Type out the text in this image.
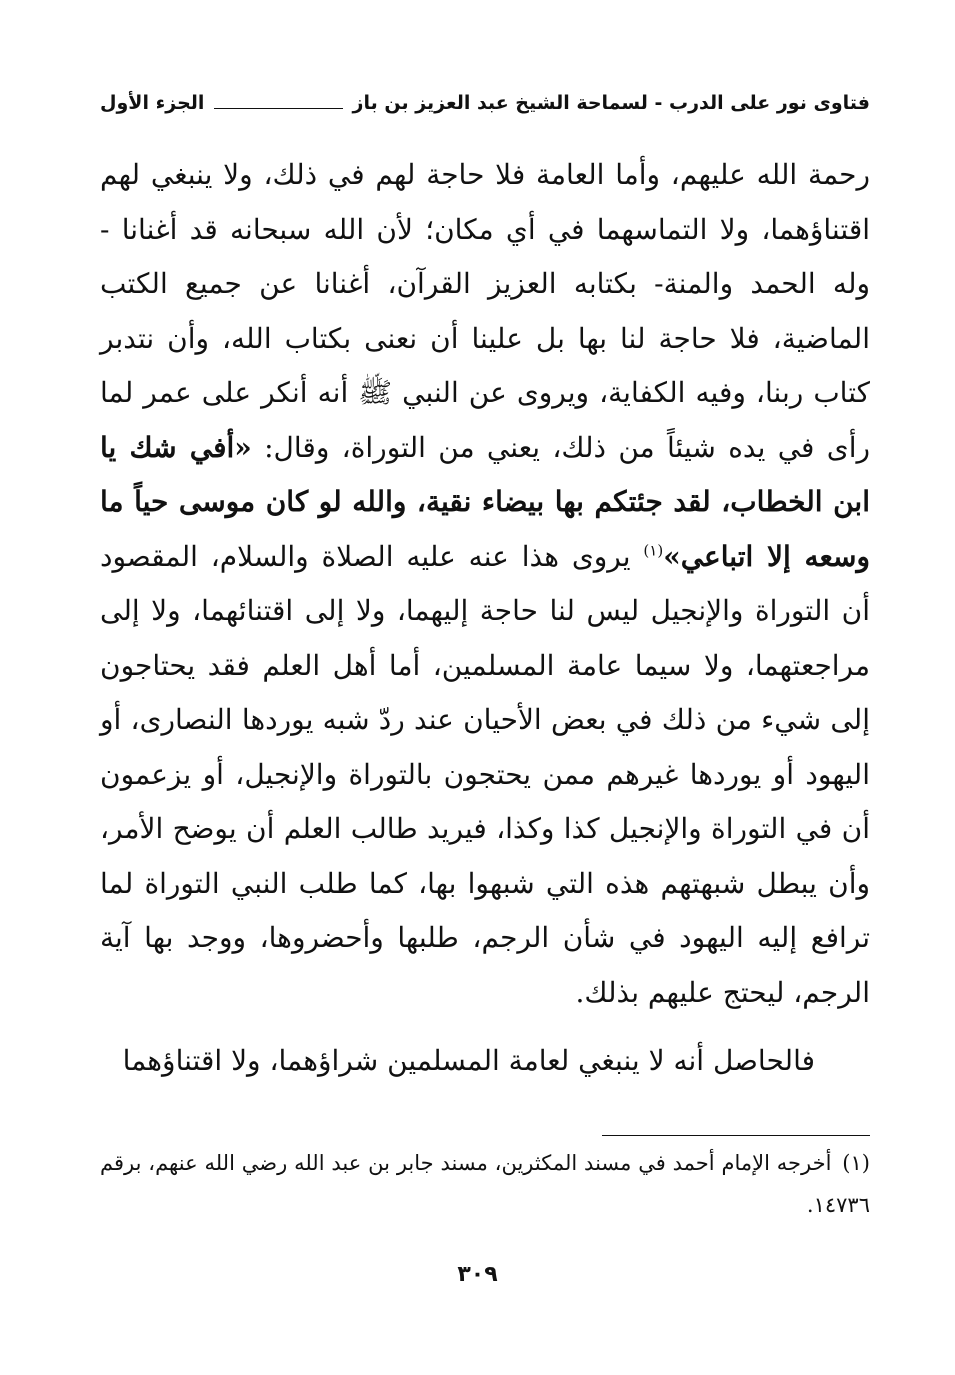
فتاوى نور على الدرب - لسماحة الشيخ عبد العزيز بن باز
الجزء الأول

رحمة الله عليهم، وأما العامة فلا حاجة لهم في ذلك، ولا ينبغي لهم اقتناؤهما، ولا التماسهما في أي مكان؛ لأن الله سبحانه قد أغنانا - وله الحمد والمنة- بكتابه العزيز القرآن، أغنانا عن جميع الكتب الماضية، فلا حاجة لنا بها بل علينا أن نعنى بكتاب الله، وأن نتدبر كتاب ربنا، وفيه الكفاية، ويروى عن النبي ﷺ أنه أنكر على عمر لما رأى في يده شيئاً من ذلك، يعني من التوراة، وقال: «أفي شك يا ابن الخطاب، لقد جئتكم بها بيضاء نقية، والله لو كان موسى حياً ما وسعه إلا اتباعي»$^{(١)}$ يروى هذا عنه عليه الصلاة والسلام، المقصود أن التوراة والإنجيل ليس لنا حاجة إليهما، ولا إلى اقتنائهما، ولا إلى مراجعتهما، ولا سيما عامة المسلمين، أما أهل العلم فقد يحتاجون إلى شيء من ذلك في بعض الأحيان عند ردّ شبه يوردها النصارى، أو اليهود أو يوردها غيرهم ممن يحتجون بالتوراة والإنجيل، أو يزعمون أن في التوراة والإنجيل كذا وكذا، فيريد طالب العلم أن يوضح الأمر، وأن يبطل شبهتهم هذه التي شبهوا بها، كما طلب النبي التوراة لما ترافع إليه اليهود في شأن الرجم، طلبها وأحضروها، ووجد بها آية الرجم، ليحتج عليهم بذلك.

فالحاصل أنه لا ينبغي لعامة المسلمين شراؤهما، ولا اقتناؤهما

(١) أخرجه الإمام أحمد في مسند المكثرين، مسند جابر بن عبد الله رضي الله عنهم، برقم ١٤٧٣٦.
٣٠٩
